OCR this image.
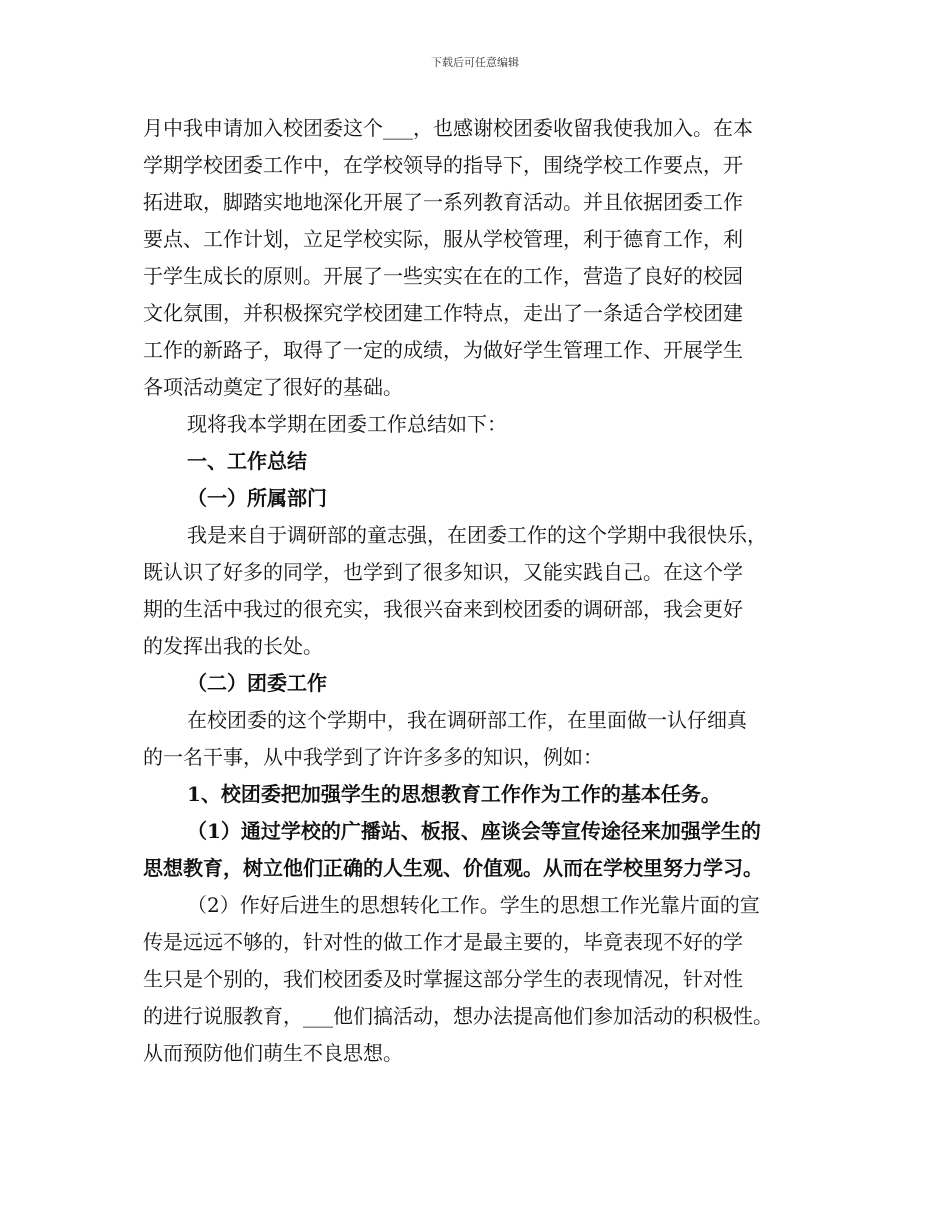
下载后可任意编辑
月中我申请加入校团委这个___，也感谢校团委收留我使我加入。在本
学期学校团委工作中，在学校领导的指导下，围绕学校工作要点，开
拓进取，脚踏实地地深化开展了一系列教育活动。并且依据团委工作
要点、工作计划，立足学校实际，服从学校管理，利于德育工作，利
于学生成长的原则。开展了一些实实在在的工作，营造了良好的校园
文化氛围，并积极探究学校团建工作特点，走出了一条适合学校团建
工作的新路子，取得了一定的成绩，为做好学生管理工作、开展学生
各项活动奠定了很好的基础。
现将我本学期在团委工作总结如下：
一、工作总结
（一）所属部门
我是来自于调研部的童志强，在团委工作的这个学期中我很快乐，
既认识了好多的同学，也学到了很多知识，又能实践自己。在这个学
期的生活中我过的很充实，我很兴奋来到校团委的调研部，我会更好
的发挥出我的长处。
（二）团委工作
在校团委的这个学期中，我在调研部工作，在里面做一认仔细真
的一名干事，从中我学到了许许多多的知识，例如：
1、校团委把加强学生的思想教育工作作为工作的基本任务。
（1）通过学校的广播站、板报、座谈会等宣传途径来加强学生的
思想教育，树立他们正确的人生观、价值观。从而在学校里努力学习。
（2）作好后进生的思想转化工作。学生的思想工作光靠片面的宣
传是远远不够的，针对性的做工作才是最主要的，毕竟表现不好的学
生只是个别的，我们校团委及时掌握这部分学生的表现情况，针对性
的进行说服教育，___他们搞活动，想办法提高他们参加活动的积极性。
从而预防他们萌生不良思想。
